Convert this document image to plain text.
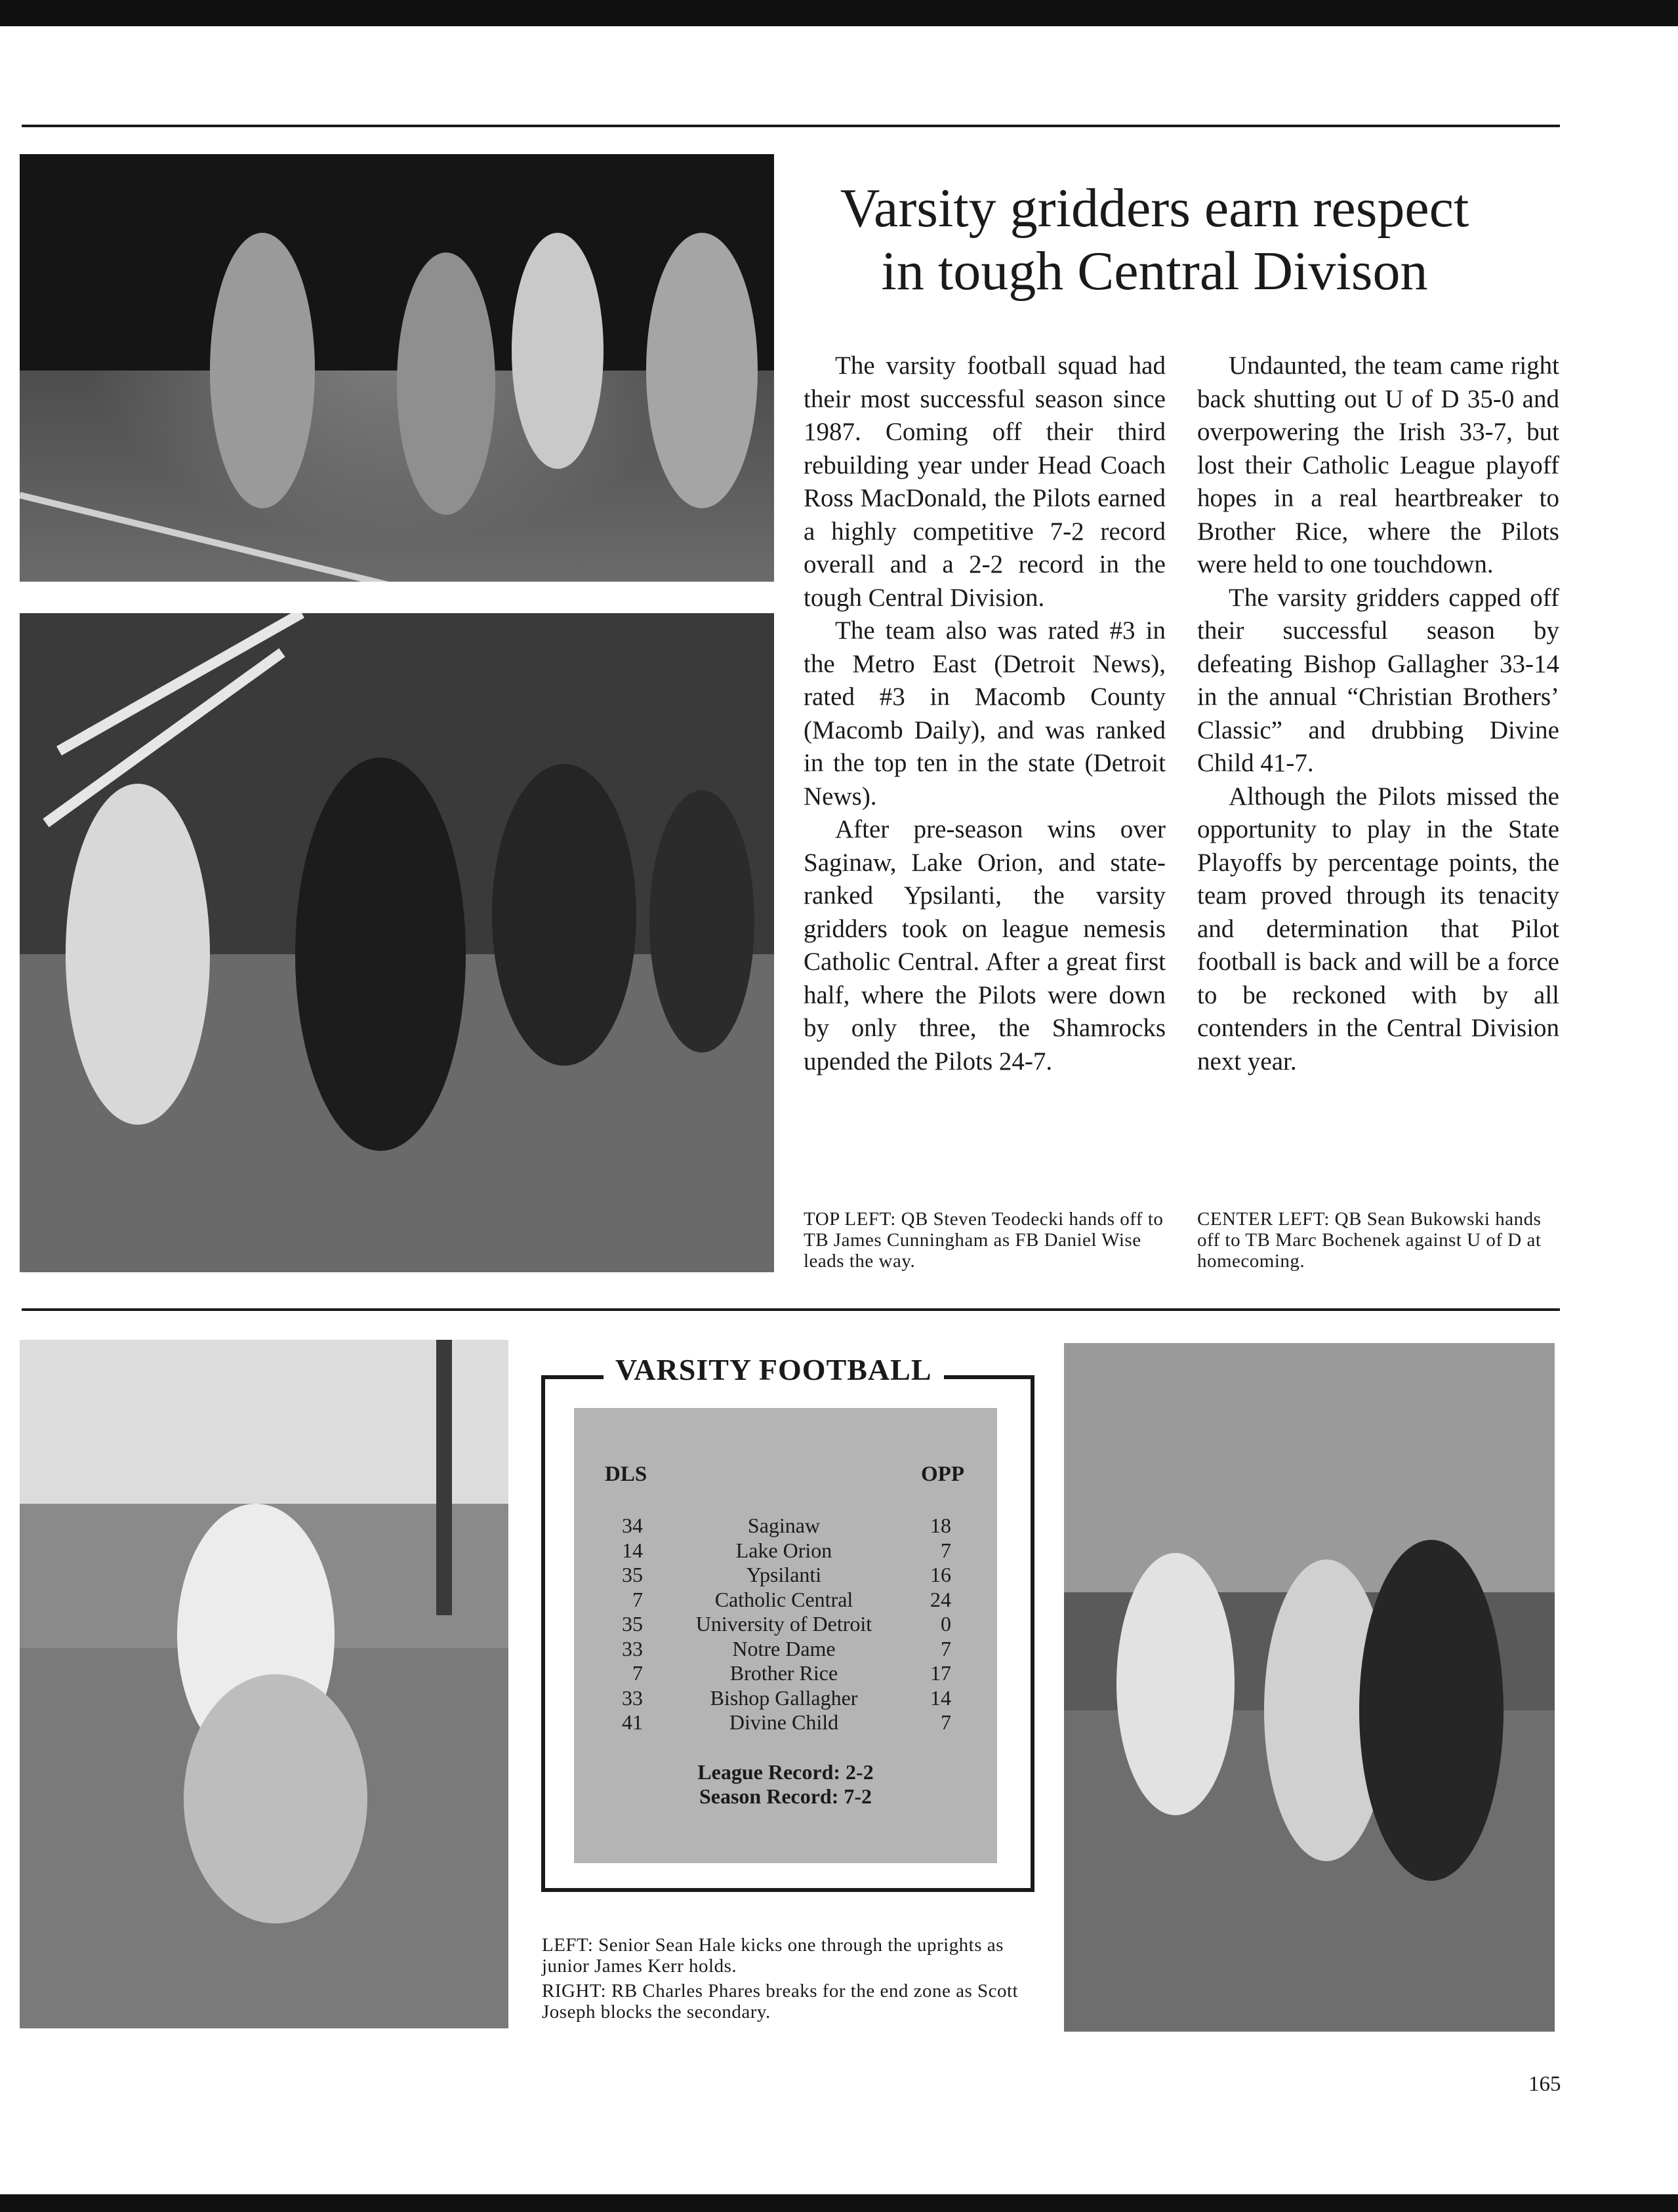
Varsity gridders earn respect
in tough Central Divison

The varsity football squad had their most successful season since 1987. Coming off their third rebuilding year under Head Coach Ross MacDonald, the Pilots earned a highly competitive 7-2 record overall and a 2-2 record in the tough Central Division.

The team also was rated #3 in the Metro East (Detroit News), rated #3 in Macomb County (Macomb Daily), and was ranked in the top ten in the state (Detroit News).

After pre-season wins over Saginaw, Lake Orion, and state-ranked Ypsilanti, the varsity gridders took on league nemesis Catholic Central. After a great first half, where the Pilots were down by only three, the Shamrocks upended the Pilots 24-7.

Undaunted, the team came right back shutting out U of D 35-0 and overpowering the Irish 33-7, but lost their Catholic League playoff hopes in a real heartbreaker to Brother Rice, where the Pilots were held to one touchdown.

The varsity gridders capped off their successful season by defeating Bishop Gallagher 33-14 in the annual “Christian Brothers’ Classic” and drubbing Divine Child 41-7.

Although the Pilots missed the opportunity to play in the State Playoffs by percentage points, the team proved through its tenacity and determination that Pilot football is back and will be a force to be reckoned with by all contenders in the Central Division next year.

TOP LEFT: QB Steven Teodecki hands off to TB James Cunningham as FB Daniel Wise leads the way.
CENTER LEFT: QB Sean Bukowski hands off to TB Marc Bochenek against U of D at homecoming.
VARSITY FOOTBALL
DLS	OPP
34	Saginaw	18
14	Lake Orion	7
35	Ypsilanti	16
7	Catholic Central	24
35	University of Detroit	0
33	Notre Dame	7
7	Brother Rice	17
33	Bishop Gallagher	14
41	Divine Child	7
League Record: 2-2
Season Record: 7-2
LEFT: Senior Sean Hale kicks one through the uprights as junior James Kerr holds.
RIGHT: RB Charles Phares breaks for the end zone as Scott Joseph blocks the secondary.
165
